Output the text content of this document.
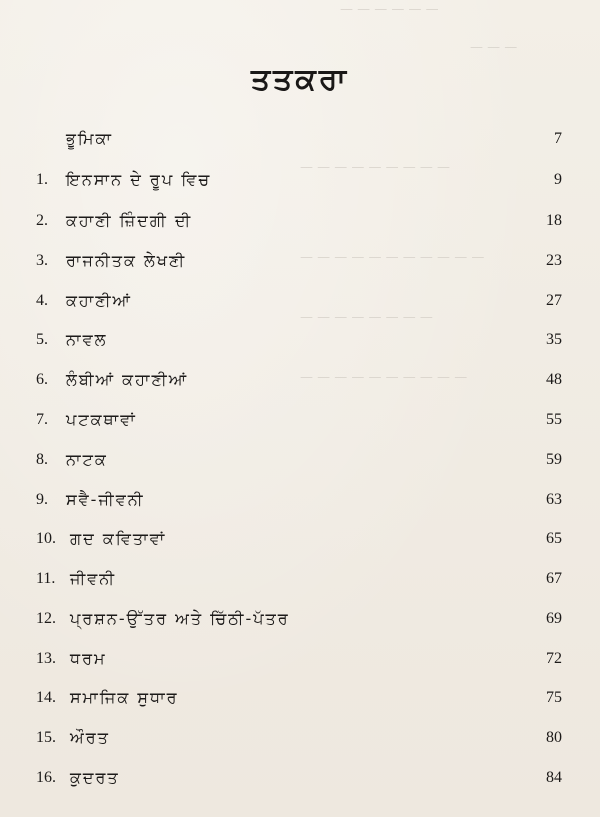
— — — — — —
— — —
— — — — — — — — —
— — — — — — — — — — —
— — — — — — — —
— — — — — — — — — —
ਤਤਕਰਾ
ਭੂਮਿਕਾ	7
1. ਇਨਸਾਨ ਦੇ ਰੂਪ ਵਿਚ	9
2. ਕਹਾਣੀ ਜ਼ਿੰਦਗੀ ਦੀ	18
3. ਰਾਜਨੀਤਕ ਲੇਖਣੀ	23
4. ਕਹਾਣੀਆਂ	27
5. ਨਾਵਲ	35
6. ਲੰਬੀਆਂ ਕਹਾਣੀਆਂ	48
7. ਪਟਕਥਾਵਾਂ	55
8. ਨਾਟਕ	59
9. ਸਵੈ-ਜੀਵਨੀ	63
10. ਗਦ ਕਵਿਤਾਵਾਂ	65
11. ਜੀਵਨੀ	67
12. ਪ੍ਰਸ਼ਨ-ਉੱਤਰ ਅਤੇ ਚਿੱਠੀ-ਪੱਤਰ	69
13. ਧਰਮ	72
14. ਸਮਾਜਿਕ ਸੁਧਾਰ	75
15. ਔਰਤ	80
16. ਕੁਦਰਤ	84
